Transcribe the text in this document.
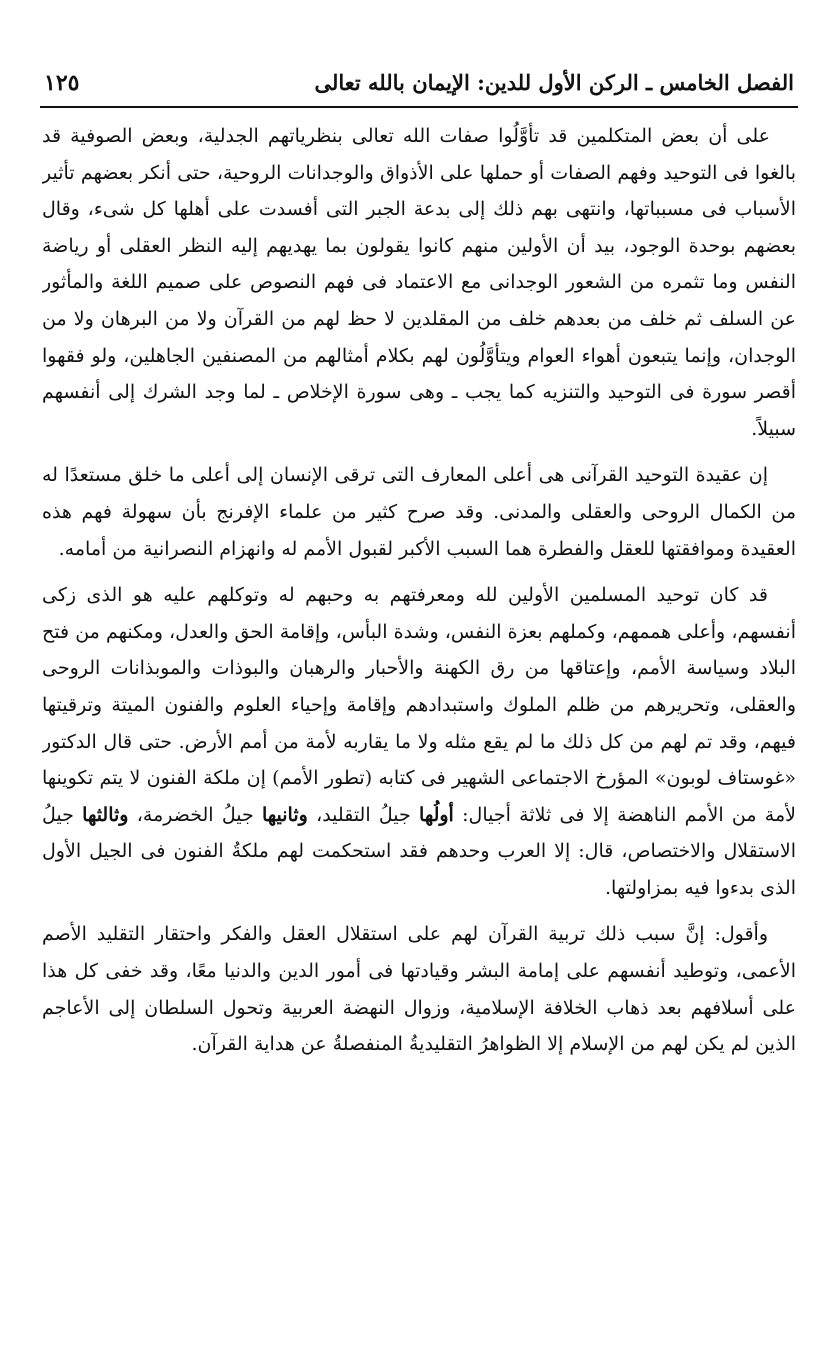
الفصل الخامس ـ الركن الأول للدين: الإيمان بالله تعالى
١٢٥

على أن بعض المتكلمين قد تأوَّلُوا صفات الله تعالى بنظرياتهم الجدلية، وبعض الصوفية قد بالغوا فى التوحيد وفهم الصفات أو حملها على الأذواق والوجدانات الروحية، حتى أنكر بعضهم تأثير الأسباب فى مسبباتها، وانتهى بهم ذلك إلى بدعة الجبر التى أفسدت على أهلها كل شىء، وقال بعضهم بوحدة الوجود، بيد أن الأولين منهم كانوا يقولون بما يهديهم إليه النظر العقلى أو رياضة النفس وما تثمره من الشعور الوجدانى مع الاعتماد فى فهم النصوص على صميم اللغة والمأثور عن السلف ثم خلف من بعدهم خلف من المقلدين لا حظ لهم من القرآن ولا من البرهان ولا من الوجدان، وإنما يتبعون أهواء العوام ويتأوَّلُون لهم بكلام أمثالهم من المصنفين الجاهلين، ولو فقهوا أقصر سورة فى التوحيد والتنزيه كما يجب ـ وهى سورة الإخلاص ـ لما وجد الشرك إلى أنفسهم سبيلاً.

إن عقيدة التوحيد القرآنى هى أعلى المعارف التى ترقى الإنسان إلى أعلى ما خلق مستعدًا له من الكمال الروحى والعقلى والمدنى. وقد صرح كثير من علماء الإفرنج بأن سهولة فهم هذه العقيدة وموافقتها للعقل والفطرة هما السبب الأكبر لقبول الأمم له وانهزام النصرانية من أمامه.

قد كان توحيد المسلمين الأولين لله ومعرفتهم به وحبهم له وتوكلهم عليه هو الذى زكى أنفسهم، وأعلى هممهم، وكملهم بعزة النفس، وشدة البأس، وإقامة الحق والعدل، ومكنهم من فتح البلاد وسياسة الأمم، وإعتاقها من رق الكهنة والأحبار والرهبان والبوذات والموبذانات الروحى والعقلى، وتحريرهم من ظلم الملوك واستبدادهم وإقامة وإحياء العلوم والفنون الميتة وترقيتها فيهم، وقد تم لهم من كل ذلك ما لم يقع مثله ولا ما يقاربه لأمة من أمم الأرض. حتى قال الدكتور «غوستاف لوبون» المؤرخ الاجتماعى الشهير فى كتابه (تطور الأمم) إن ملكة الفنون لا يتم تكوينها لأمة من الأمم الناهضة إلا فى ثلاثة أجيال: أولُها جيلُ التقليد، وثانيها جيلُ الخضرمة، وثالثها جيلُ الاستقلال والاختصاص، قال: إلا العرب وحدهم فقد استحكمت لهم ملكةُ الفنون فى الجيل الأول الذى بدءوا فيه بمزاولتها.

وأقول: إنَّ سبب ذلك تربية القرآن لهم على استقلال العقل والفكر واحتقار التقليد الأصم الأعمى، وتوطيد أنفسهم على إمامة البشر وقيادتها فى أمور الدين والدنيا معًا، وقد خفى كل هذا على أسلافهم بعد ذهاب الخلافة الإسلامية، وزوال النهضة العربية وتحول السلطان إلى الأعاجم الذين لم يكن لهم من الإسلام إلا الظواهرُ التقليديةُ المنفصلةُ عن هداية القرآن.
